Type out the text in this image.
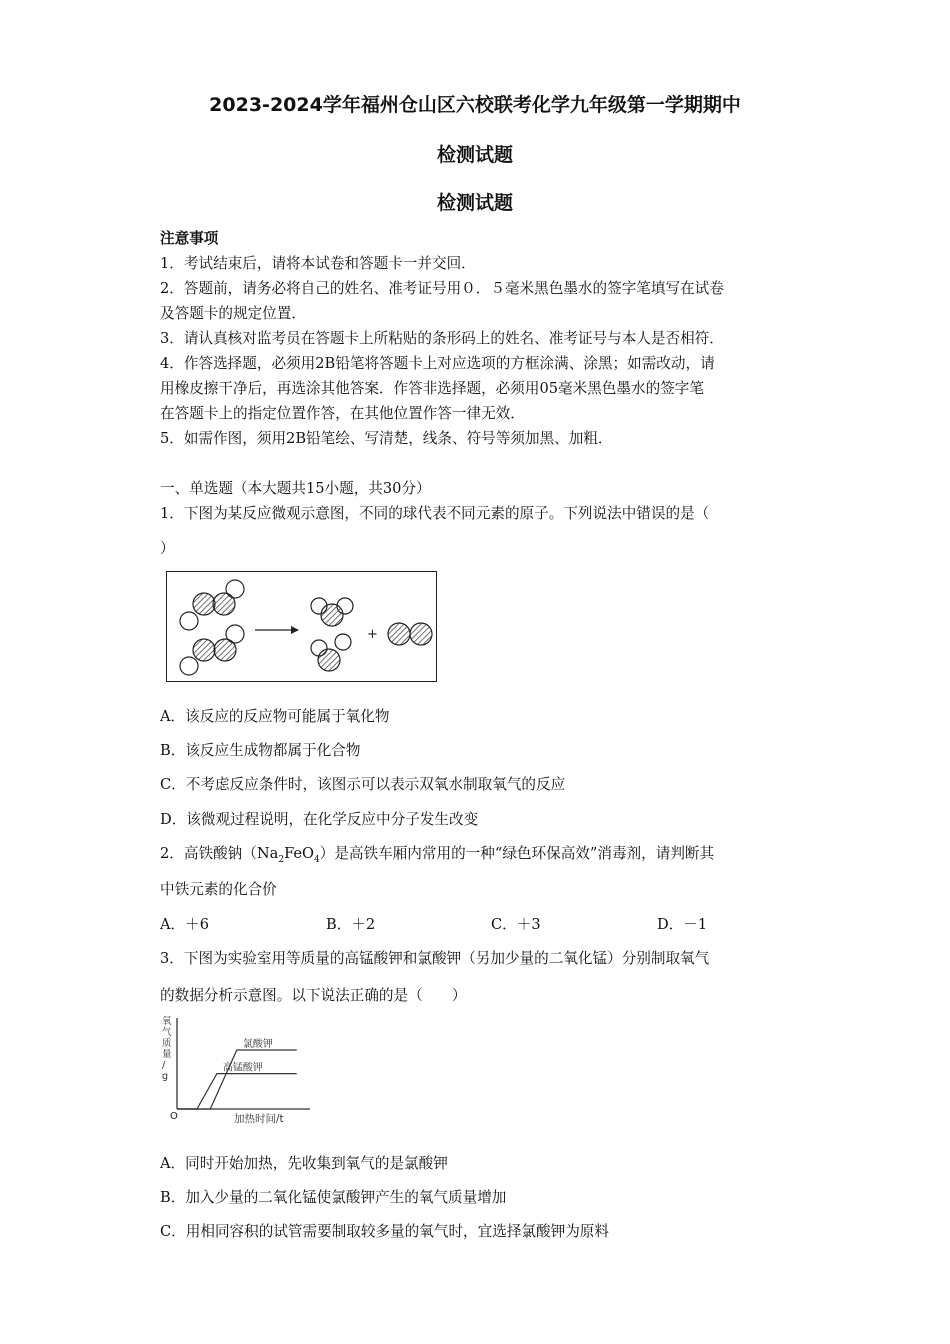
2023-2024学年福州仓山区六校联考化学九年级第一学期期中
检测试题
检测试题
注意事项
1．考试结束后，请将本试卷和答题卡一并交回．
2．答题前，请务必将自己的姓名、准考证号用０．５毫米黑色墨水的签字笔填写在试卷
及答题卡的规定位置．
3．请认真核对监考员在答题卡上所粘贴的条形码上的姓名、准考证号与本人是否相符．
4．作答选择题，必须用2B铅笔将答题卡上对应选项的方框涂满、涂黑；如需改动，请
用橡皮擦干净后，再选涂其他答案．作答非选择题，必须用05毫米黑色墨水的签字笔
在答题卡上的指定位置作答，在其他位置作答一律无效．
5．如需作图，须用2B铅笔绘、写清楚，线条、符号等须加黑、加粗．
一、单选题（本大题共15小题，共30分）
1．下图为某反应微观示意图，不同的球代表不同元素的原子。下列说法中错误的是（
）
+
A．该反应的反应物可能属于氧化物
B．该反应生成物都属于化合物
C．不考虑反应条件时，该图示可以表示双氧水制取氧气的反应
D．该微观过程说明，在化学反应中分子发生改变
2．高铁酸钠$(Na_2FeO_4)$是高铁车厢内常用的一种“绿色环保高效”消毒剂，请判断其
中铁元素的化合价
A．＋6	B．＋2	C．＋3	D．－1
3．下图为实验室用等质量的高锰酸钾和氯酸钾（另加少量的二氧化锰）分别制取氧气
的数据分析示意图。以下说法正确的是（　　）
氧
气
质
量
/
g
O	加热时间/t
氯酸钾
高锰酸钾
A．同时开始加热，先收集到氧气的是氯酸钾
B．加入少量的二氧化锰使氯酸钾产生的氧气质量增加
C．用相同容积的试管需要制取较多量的氧气时，宜选择氯酸钾为原料
